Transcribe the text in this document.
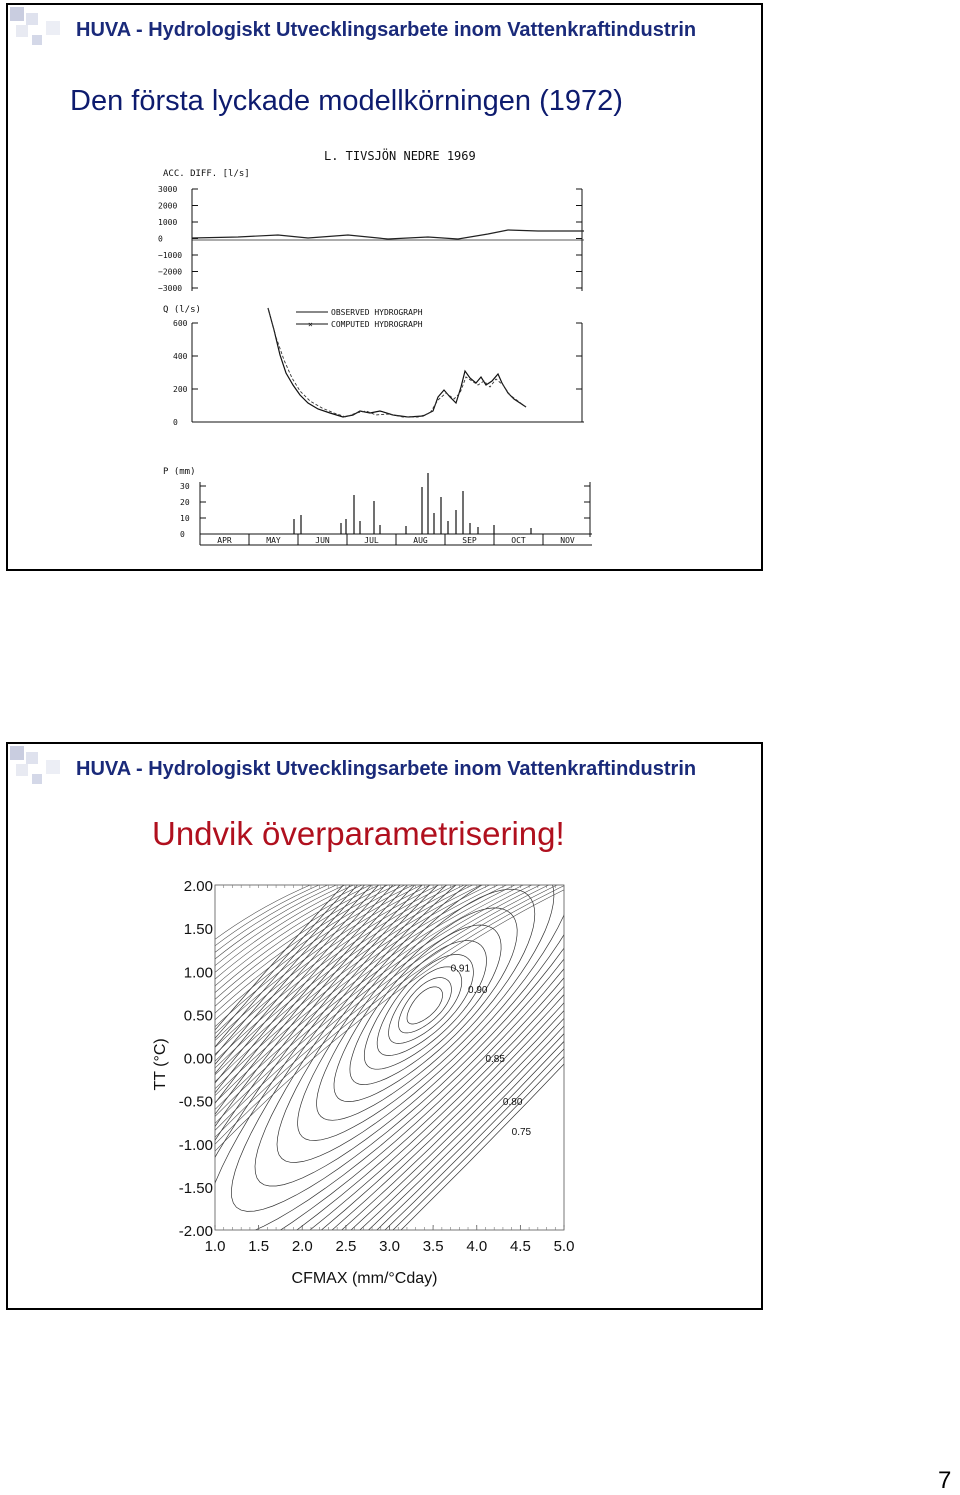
HUVA - Hydrologiskt Utvecklingsarbete inom Vattenkraftindustrin
Den första lyckade modellkörningen (1972)
L. TIVSJÖN NEDRE 1969
ACC. DIFF. [l/s]
3000
2000
1000
0
−1000
−2000
−3000
Q (l/s)
600
400
200
0
OBSERVED HYDROGRAPH
× COMPUTED HYDROGRAPH
P (mm)
30
20
10
0
APR	MAY	JUN	JUL	AUG	SEP	OCT	NOV
HUVA - Hydrologiskt Utvecklingsarbete inom Vattenkraftindustrin
Undvik överparametrisering!
2.00
1.50
1.00
0.50
0.00
-0.50
-1.00
-1.50
-2.00
1.0 1.5 2.0 2.5 3.0 3.5 4.0 4.5 5.0
CFMAX (mm/°Cday)
TT (°C)
0.91
0.90
0.85
0.80
0.75
7
